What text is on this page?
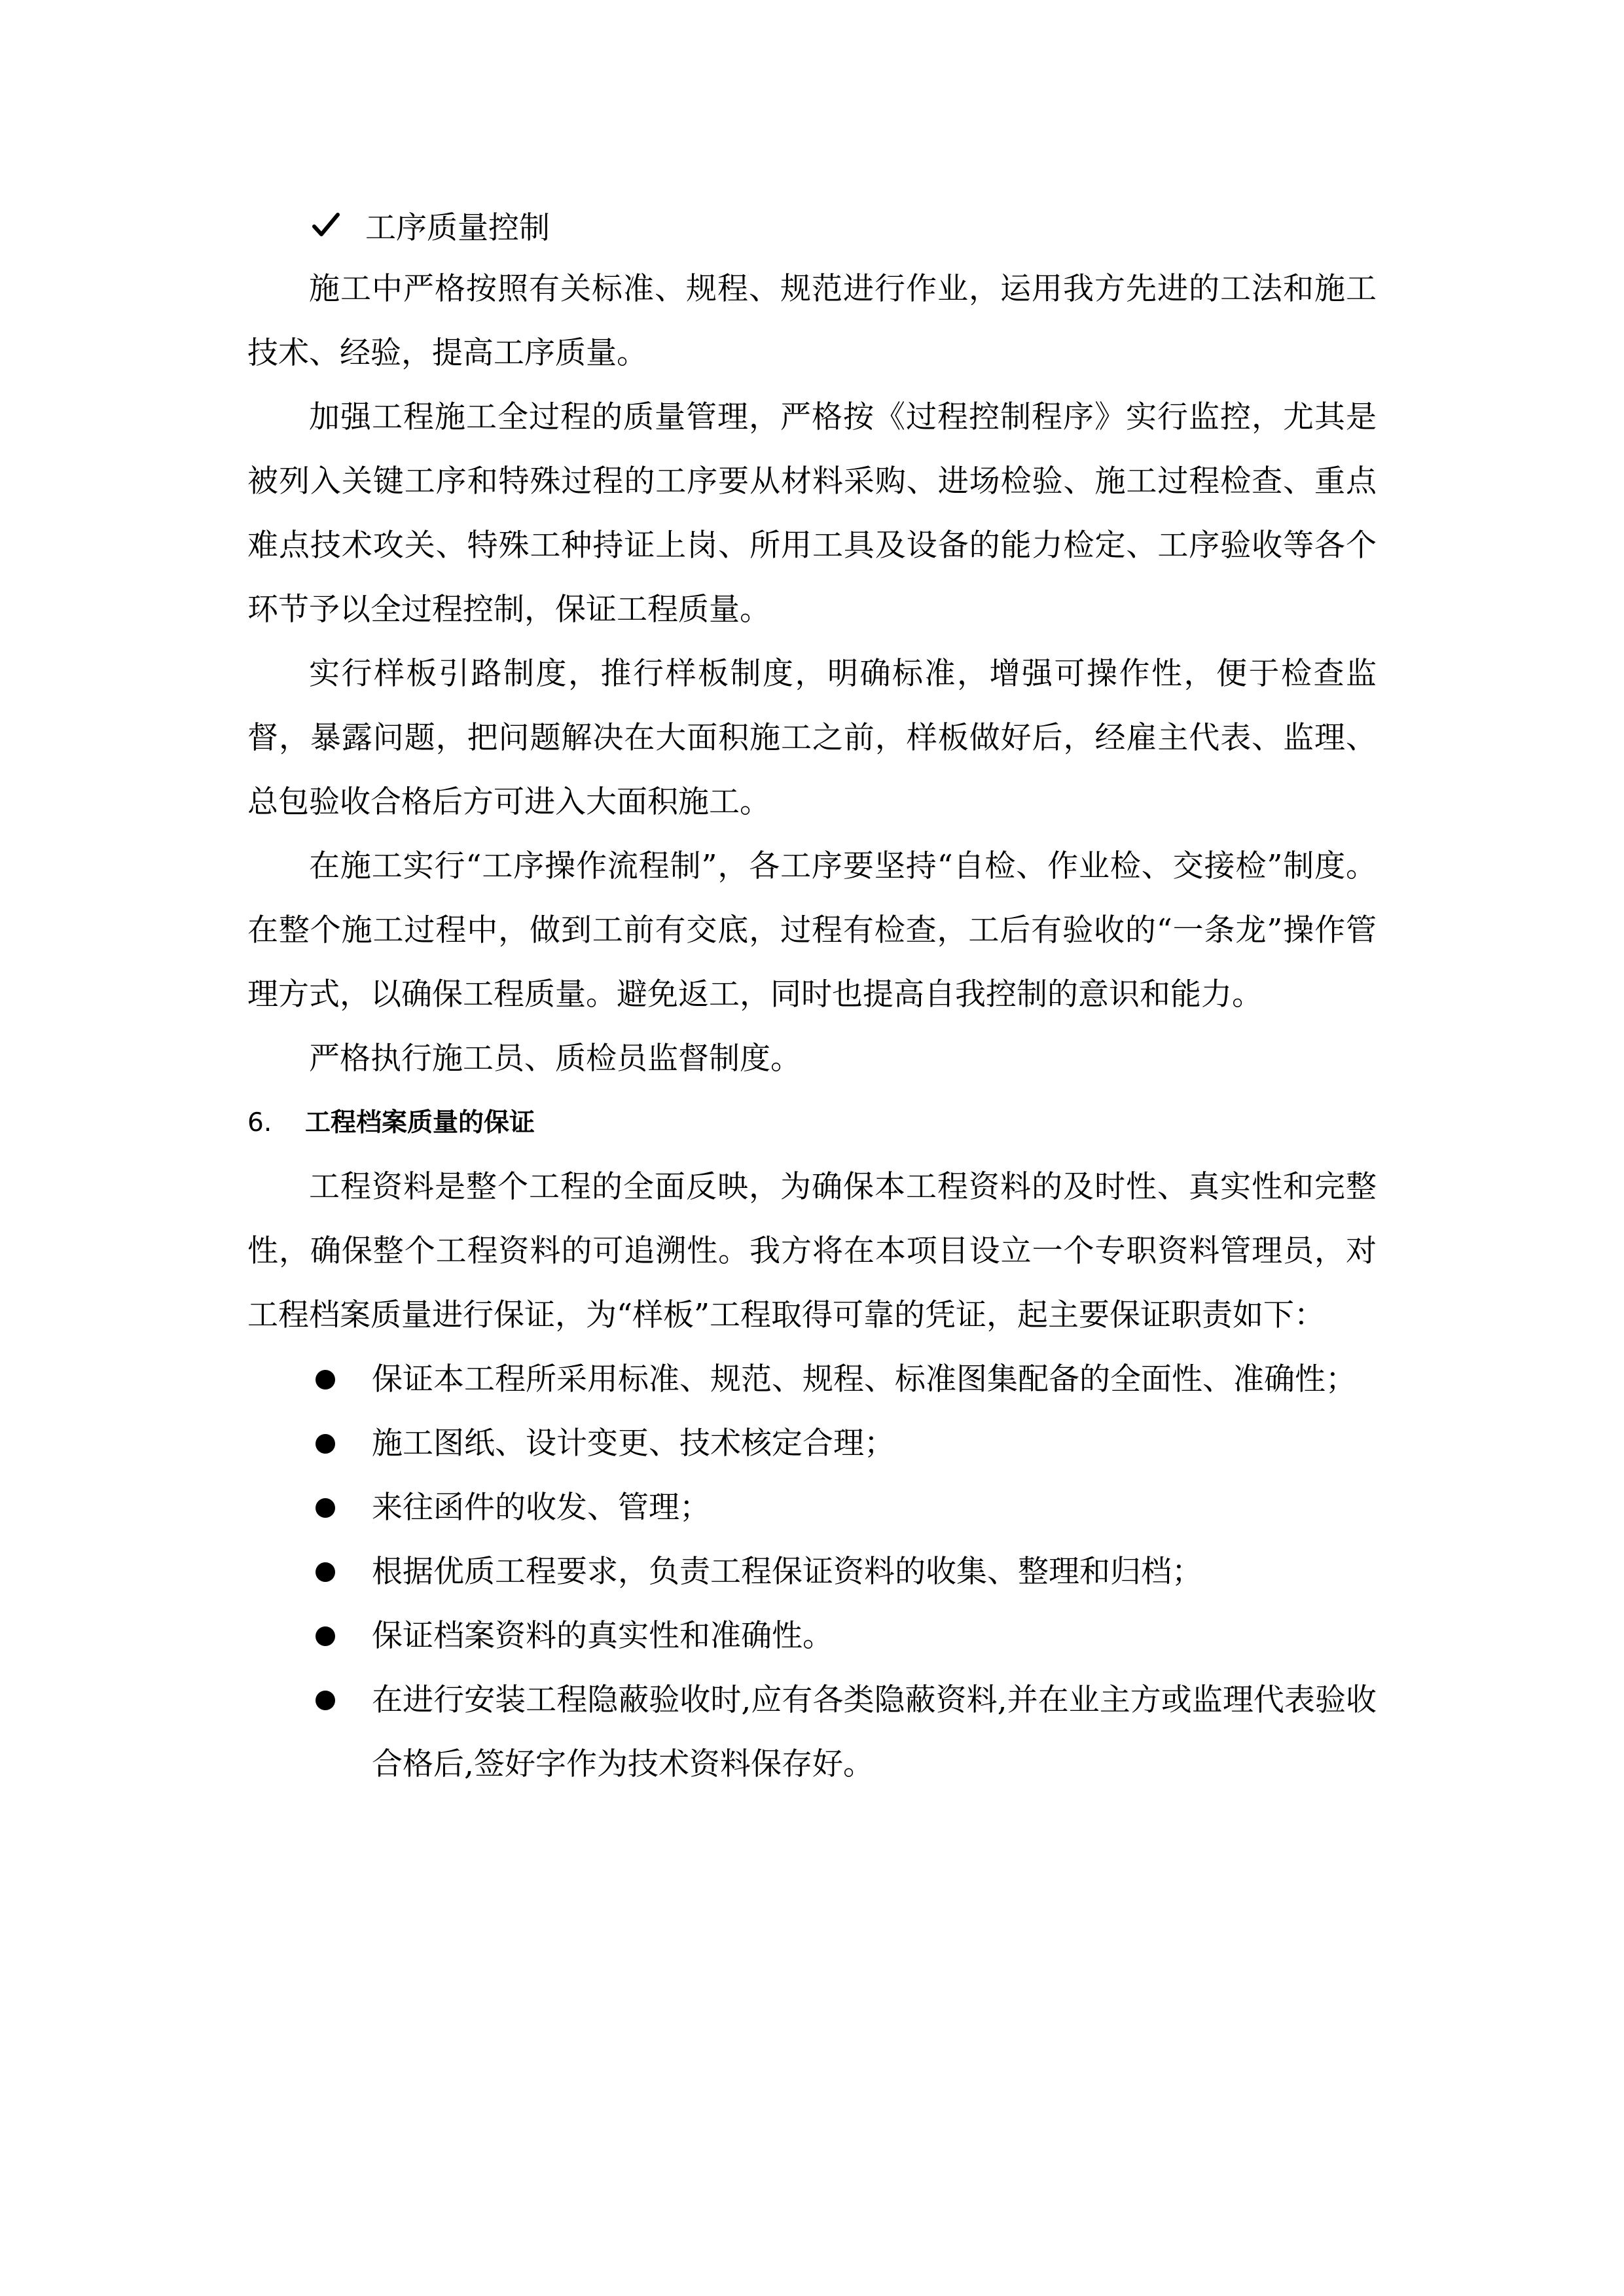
工序质量控制

施工中严格按照有关标准、规程、规范进行作业，运用我方先进的工法和施工技术、经验，提高工序质量。

加强工程施工全过程的质量管理，严格按《过程控制程序》实行监控，尤其是被列入关键工序和特殊过程的工序要从材料采购、进场检验、施工过程检查、重点难点技术攻关、特殊工种持证上岗、所用工具及设备的能力检定、工序验收等各个环节予以全过程控制，保证工程质量。

实行样板引路制度，推行样板制度，明确标准，增强可操作性，便于检查监督，暴露问题，把问题解决在大面积施工之前，样板做好后，经雇主代表、监理、总包验收合格后方可进入大面积施工。

在施工实行“工序操作流程制”，各工序要坚持“自检、作业检、交接检”制度。在整个施工过程中，做到工前有交底，过程有检查，工后有验收的“一条龙”操作管理方式，以确保工程质量。避免返工，同时也提高自我控制的意识和能力。

严格执行施工员、质检员监督制度。

6.	工程档案质量的保证

工程资料是整个工程的全面反映，为确保本工程资料的及时性、真实性和完整性，确保整个工程资料的可追溯性。我方将在本项目设立一个专职资料管理员，对工程档案质量进行保证，为“样板”工程取得可靠的凭证，起主要保证职责如下：

保证本工程所采用标准、规范、规程、标准图集配备的全面性、准确性；
施工图纸、设计变更、技术核定合理；
来往函件的收发、管理；
根据优质工程要求，负责工程保证资料的收集、整理和归档；
保证档案资料的真实性和准确性。
在进行安装工程隐蔽验收时,应有各类隐蔽资料,并在业主方或监理代表验收合格后,签好字作为技术资料保存好。
